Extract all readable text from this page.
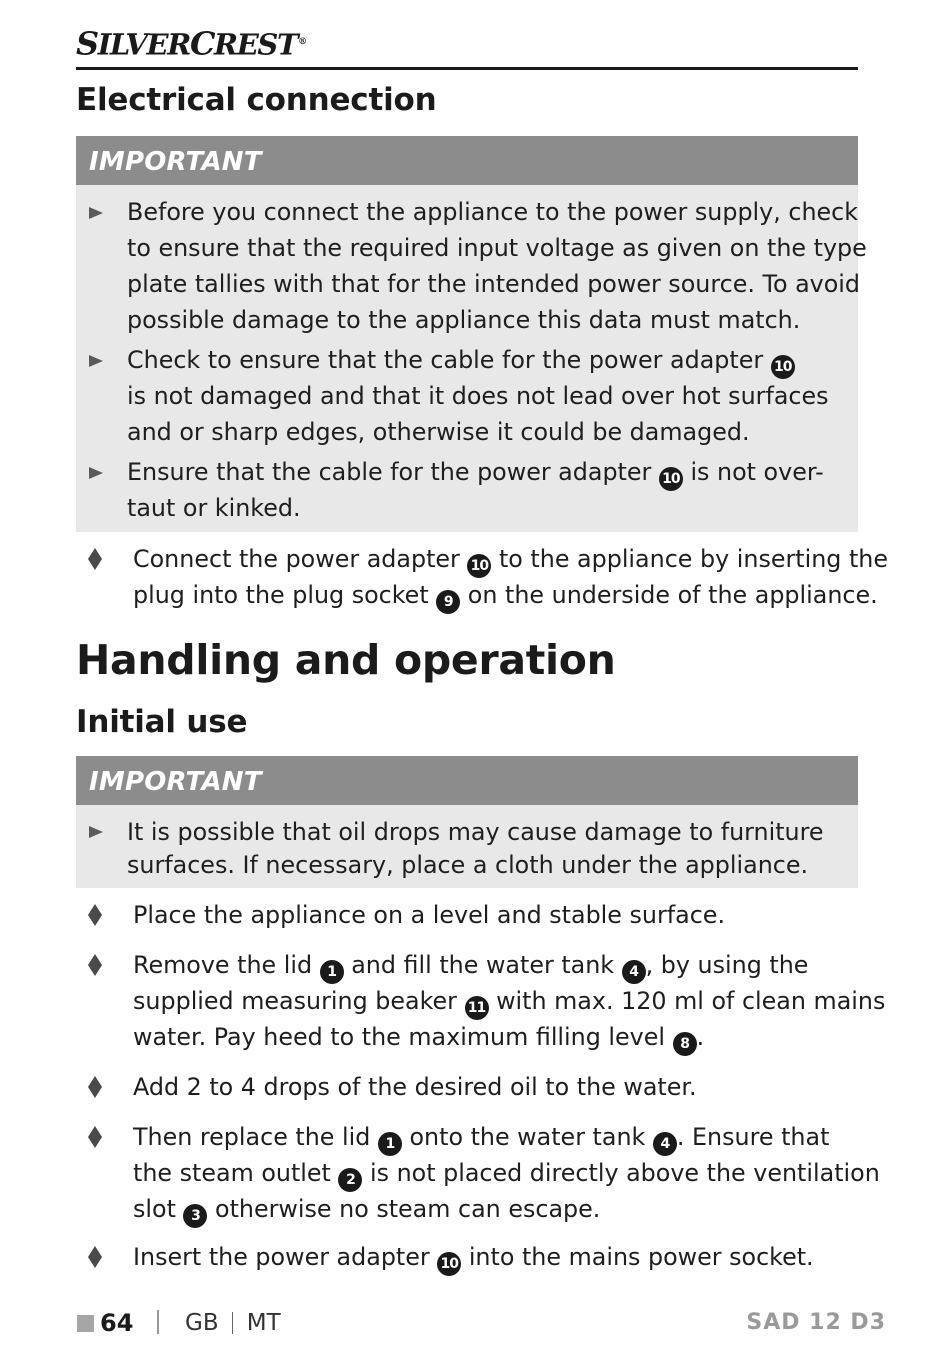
SILVERCREST®
Electrical connection
IMPORTANT
Before you connect the appliance to the power supply, check
to ensure that the required input voltage as given on the type
plate tallies with that for the intended power source. To avoid
possible damage to the appliance this data must match.
Check to ensure that the cable for the power adapter 10
is not damaged and that it does not lead over hot surfaces
and or sharp edges, otherwise it could be damaged.
Ensure that the cable for the power adapter 10 is not over-
taut or kinked.
Connect the power adapter 10 to the appliance by inserting the
plug into the plug socket 9 on the underside of the appliance.
Handling and operation
Initial use
IMPORTANT
It is possible that oil drops may cause damage to furniture
surfaces. If necessary, place a cloth under the appliance.
Place the appliance on a level and stable surface.
Remove the lid 1 and fill the water tank 4 , by using the
supplied measuring beaker 11 with max. 120 ml of clean mains
water. Pay heed to the maximum filling level 8 .
Add 2 to 4 drops of the desired oil to the water.
Then replace the lid 1 onto the water tank 4 . Ensure that
the steam outlet 2 is not placed directly above the ventilation
slot 3 otherwise no steam can escape.
Insert the power adapter 10 into the mains power socket.
64 GB MT	SAD 12 D3
